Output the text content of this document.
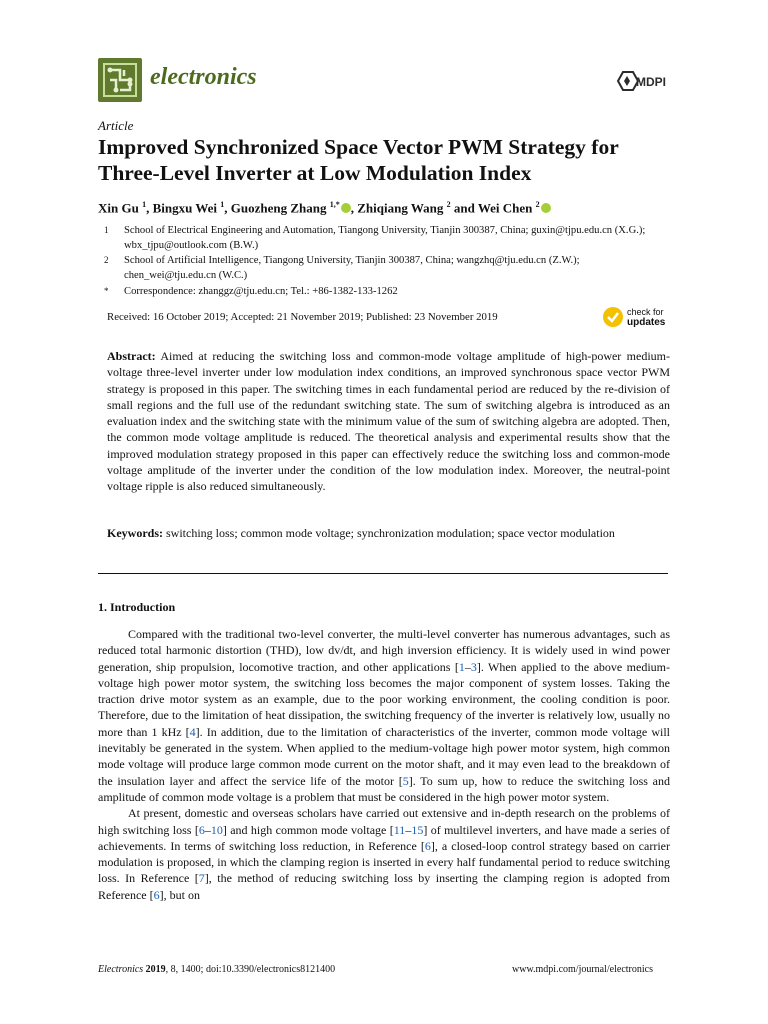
electronics	MDPI
Article
Improved Synchronized Space Vector PWM Strategy for Three-Level Inverter at Low Modulation Index
Xin Gu $^1$, Bingxu Wei $^1$, Guozheng Zhang $^{1,*}$ , Zhiqiang Wang $^2$ and Wei Chen $^2$
1 School of Electrical Engineering and Automation, Tiangong University, Tianjin 300387, China; guxin@tjpu.edu.cn (X.G.); wbx_tjpu@outlook.com (B.W.)
2 School of Artificial Intelligence, Tiangong University, Tianjin 300387, China; wangzhq@tju.edu.cn (Z.W.); chen_wei@tju.edu.cn (W.C.)
* Correspondence: zhanggz@tju.edu.cn; Tel.: +86-1382-133-1262
Received: 16 October 2019; Accepted: 21 November 2019; Published: 23 November 2019	check for
updates
Abstract: Aimed at reducing the switching loss and common-mode voltage amplitude of high-power medium-voltage three-level inverter under low modulation index conditions, an improved synchronous space vector PWM strategy is proposed in this paper. The switching times in each fundamental period are reduced by the re-division of small regions and the full use of the redundant switching state. The sum of switching algebra is introduced as an evaluation index and the switching state with the minimum value of the sum of switching algebra are adopted. Then, the common mode voltage amplitude is reduced. The theoretical analysis and experimental results show that the improved modulation strategy proposed in this paper can effectively reduce the switching loss and common-mode voltage amplitude of the inverter under the condition of the low modulation index. Moreover, the neutral-point voltage ripple is also reduced simultaneously.
Keywords: switching loss; common mode voltage; synchronization modulation; space vector modulation
1. Introduction

Compared with the traditional two-level converter, the multi-level converter has numerous advantages, such as reduced total harmonic distortion (THD), low dv/dt, and high inversion efficiency. It is widely used in wind power generation, ship propulsion, locomotive traction, and other applications [1–3]. When applied to the above medium-voltage high power motor system, the switching loss becomes the major component of system losses. Taking the traction drive motor system as an example, due to the poor working environment, the cooling condition is poor. Therefore, due to the limitation of heat dissipation, the switching frequency of the inverter is relatively low, usually no more than 1 kHz [4]. In addition, due to the limitation of characteristics of the inverter, common mode voltage will inevitably be generated in the system. When applied to the medium-voltage high power motor system, high common mode voltage will produce large common mode current on the motor shaft, and it may even lead to the breakdown of the insulation layer and affect the service life of the motor [5]. To sum up, how to reduce the switching loss and amplitude of common mode voltage is a problem that must be considered in the high power motor system.

At present, domestic and overseas scholars have carried out extensive and in-depth research on the problems of high switching loss [6–10] and high common mode voltage [11–15] of multilevel inverters, and have made a series of achievements. In terms of switching loss reduction, in Reference [6], a closed-loop control strategy based on carrier modulation is proposed, in which the clamping region is inserted in every half fundamental period to reduce switching loss. In Reference [7], the method of reducing switching loss by inserting the clamping region is adopted from Reference [6], but on

Electronics 2019, 8, 1400; doi:10.3390/electronics8121400	www.mdpi.com/journal/electronics
